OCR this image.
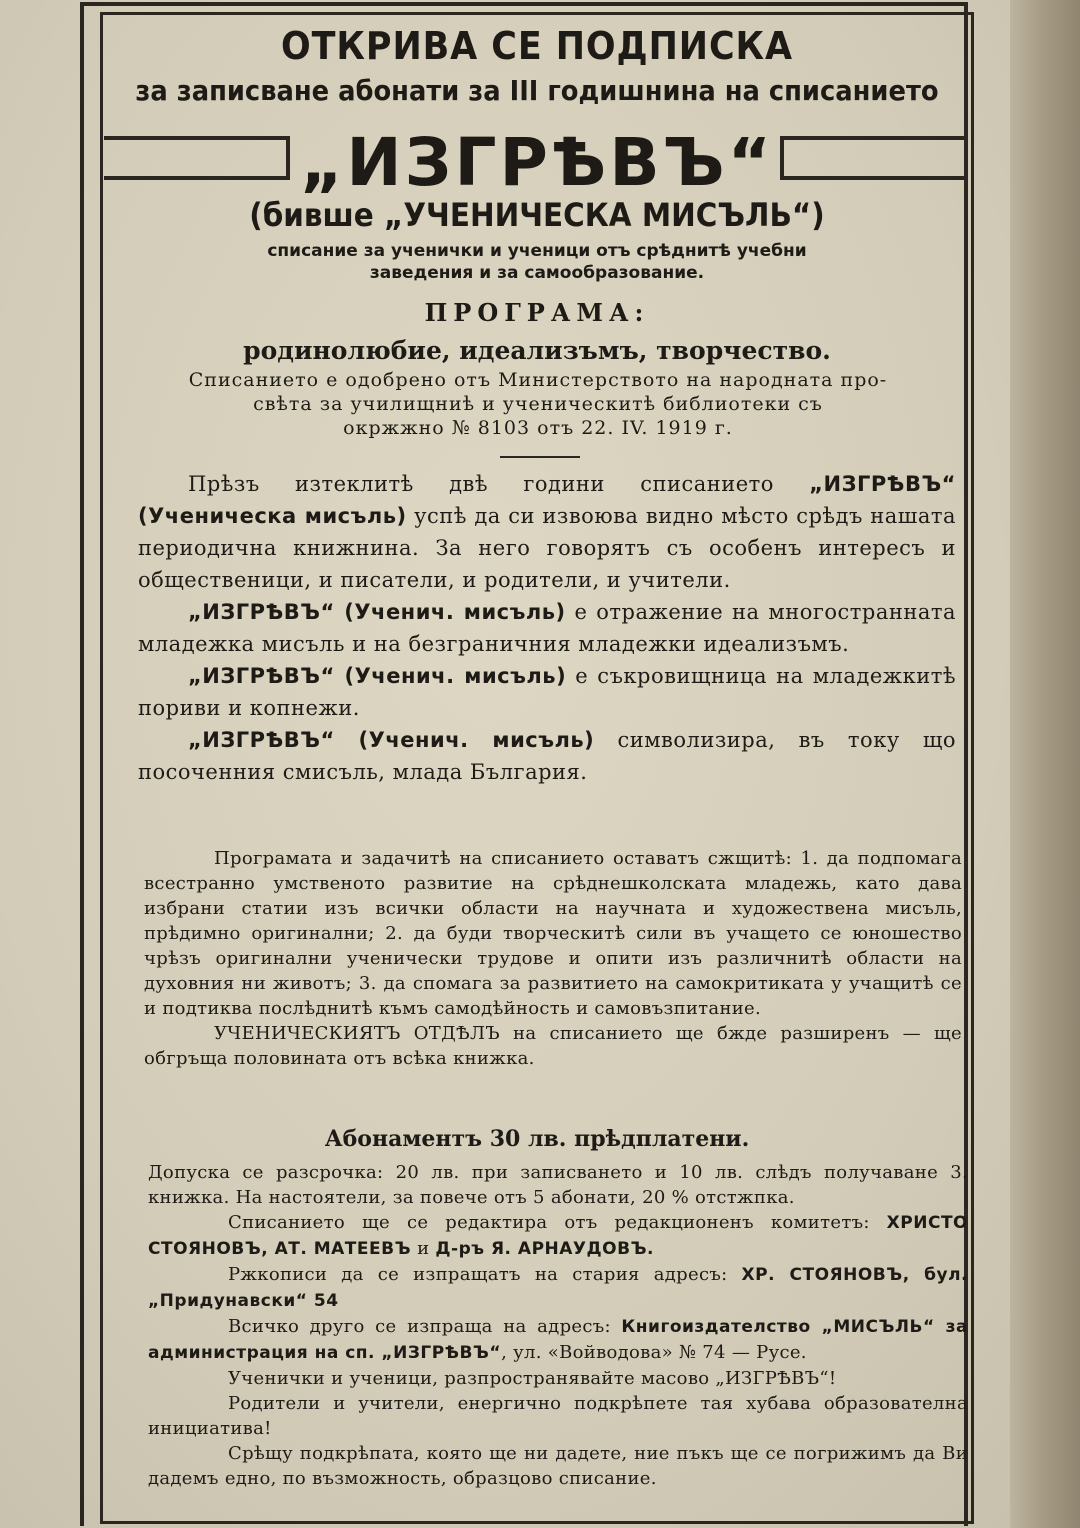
ОТКРИВА СЕ ПОДПИСКА
за записване абонати за III годишнина на списанието
„ИЗГРѢВЪ“
(бивше „УЧЕНИЧЕСКА МИСЪЛЬ“)
списание за ученички и ученици отъ срѣднитѣ учебни заведения и за самообразование.
ПРОГРАМА:
родинолюбие, идеализъмъ, творчество.
Списанието е одобрено отъ Министерството на народната про-
свѣта за училищниѣ и ученическитѣ библиотеки съ
окржжно № 8103 отъ 22. IV. 1919 г.

Прѣзъ изтеклитѣ двѣ години списанието „ИЗГРѢВЪ“ (Ученическа мисъль) успѣ да си извоюва видно мѣсто срѣдъ нашата периодична книжнина. За него говорятъ съ особенъ интересъ и общественици, и писатели, и родители, и учители.

„ИЗГРѢВЪ“ (Ученич. мисъль) е отражение на многостранната младежка мисъль и на безграничния младежки идеализъмъ.

„ИЗГРѢВЪ“ (Ученич. мисъль) е съкровищница на младежкитѣ пориви и копнежи.

„ИЗГРѢВЪ“ (Ученич. мисъль) символизира, въ току що посоченния смисъль, млада България.

Програмата и задачитѣ на списанието оставатъ сжщитѣ: 1. да подпомага всестранно умственото развитие на срѣднешколската младежь, като дава избрани статии изъ всички области на научната и художествена мисъль, прѣдимно оригинални; 2. да буди творческитѣ сили въ учащето се юношество чрѣзъ оригинални ученически трудове и опити изъ различнитѣ области на духовния ни животъ; 3. да спомага за развитието на самокритиката у учащитѣ се и подтиква послѣднитѣ къмъ самодѣйность и самовъзпитание.

УЧЕНИЧЕСКИЯТЪ ОТДѢЛЪ на списанието ще бжде разширенъ — ще обгръща половината отъ всѣка книжка.

Абонаментъ 30 лв. прѣдплатени.

Допуска се разсрочка: 20 лв. при записването и 10 лв. слѣдъ получаване 3. книжка. На настоятели, за повече отъ 5 абонати, 20 % отстжпка.

Списанието ще се редактира отъ редакционенъ комитетъ: ХРИСТО СТОЯНОВЪ, АТ. МАТЕЕВЪ и Д-ръ Я. АРНАУДОВЪ.

Ржкописи да се изпращатъ на стария адресъ: ХР. СТОЯНОВЪ, бул. „Придунавски“ 54

Всичко друго се изпраща на адресъ: Книгоиздателство „МИСЪЛЬ“ за администрация на сп. „ИЗГРѢВЪ“, ул. «Войводова» № 74 — Русе.

Ученички и ученици, разпространявайте масово „ИЗГРѢВЪ“!

Родители и учители, енергично подкрѣпете тая хубава образователна инициатива!

Срѣщу подкрѣпата, която ще ни дадете, ние пъкъ ще се погрижимъ да Ви дадемъ едно, по възможность, образцово списание.
